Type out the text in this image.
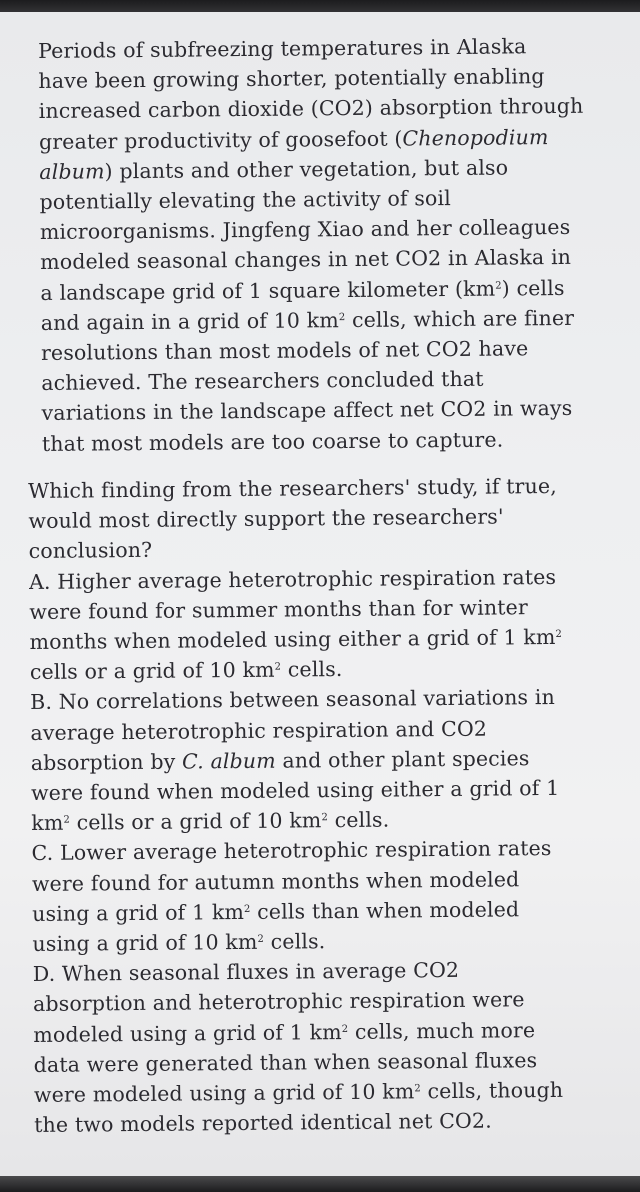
Periods of subfreezing temperatures in Alaska
have been growing shorter, potentially enabling
increased carbon dioxide (CO2) absorption through
greater productivity of goosefoot (Chenopodium
album) plants and other vegetation, but also
potentially elevating the activity of soil
microorganisms. Jingfeng Xiao and her colleagues
modeled seasonal changes in net CO2 in Alaska in
a landscape grid of 1 square kilometer $(km^2)$ cells
and again in a grid of 10 $km^2$ cells, which are finer
resolutions than most models of net CO2 have
achieved. The researchers concluded that
variations in the landscape affect net CO2 in ways
that most models are too coarse to capture.
Which finding from the researchers' study, if true,
would most directly support the researchers'
conclusion?
A. Higher average heterotrophic respiration rates
were found for summer months than for winter
months when modeled using either a grid of 1 $km^2$
cells or a grid of 10 $km^2$ cells.
B. No correlations between seasonal variations in
average heterotrophic respiration and CO2
absorption by C. album and other plant species
were found when modeled using either a grid of 1
$km^2$ cells or a grid of 10 $km^2$ cells.
C. Lower average heterotrophic respiration rates
were found for autumn months when modeled
using a grid of 1 $km^2$ cells than when modeled
using a grid of 10 $km^2$ cells.
D. When seasonal fluxes in average CO2
absorption and heterotrophic respiration were
modeled using a grid of 1 $km^2$ cells, much more
data were generated than when seasonal fluxes
were modeled using a grid of 10 $km^2$ cells, though
the two models reported identical net CO2.
